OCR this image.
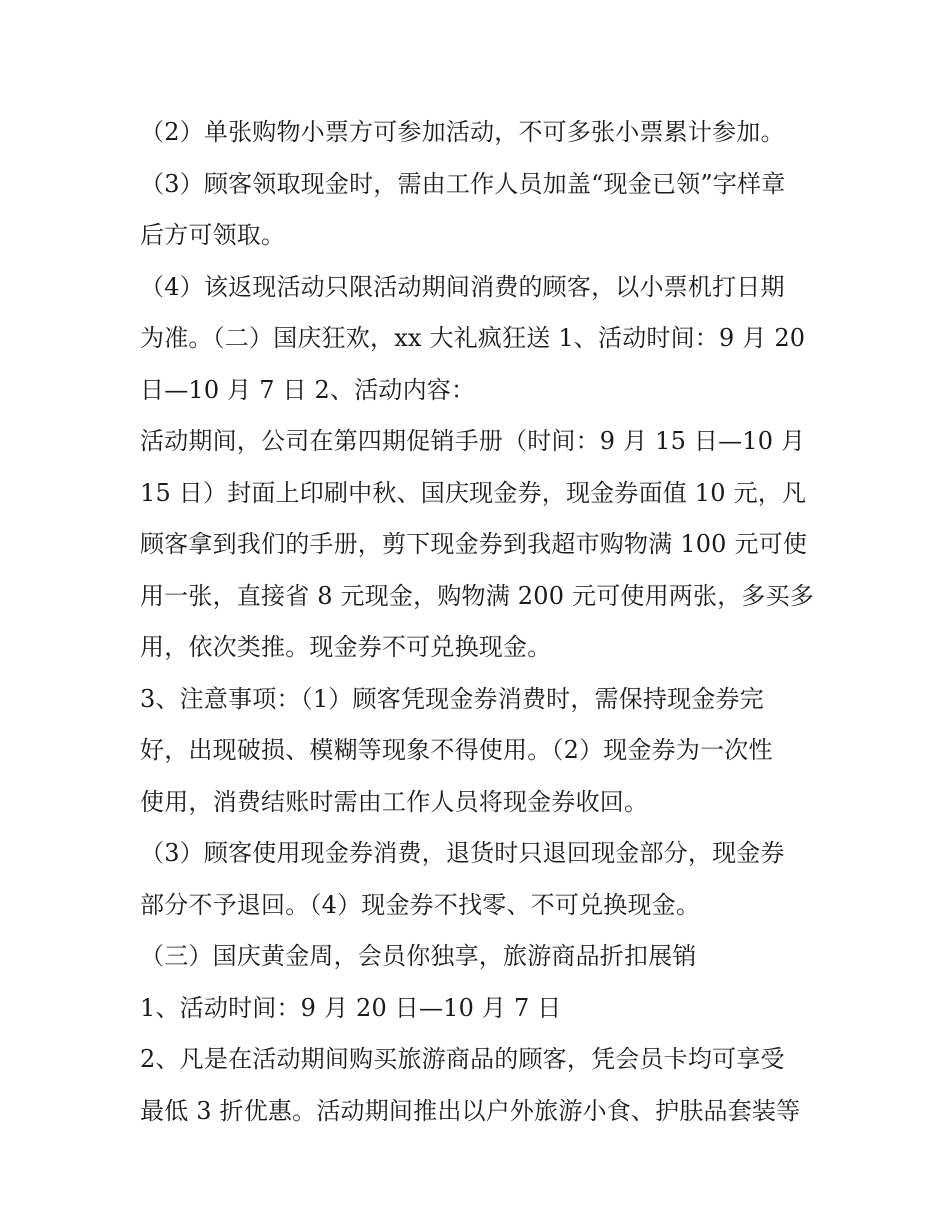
（2）单张购物小票方可参加活动，不可多张小票累计参加。
（3）顾客领取现金时，需由工作人员加盖“现金已领”字样章
后方可领取。
（4）该返现活动只限活动期间消费的顾客，以小票机打日期
为准。（二）国庆狂欢，xx 大礼疯狂送 1、活动时间：9 月 20
日—10 月 7 日 2、活动内容：
活动期间，公司在第四期促销手册（时间：9 月 15 日—10 月
15 日）封面上印刷中秋、国庆现金券，现金券面值 10 元，凡
顾客拿到我们的手册，剪下现金券到我超市购物满 100 元可使
用一张，直接省 8 元现金，购物满 200 元可使用两张，多买多
用，依次类推。现金券不可兑换现金。
3、注意事项：（1）顾客凭现金券消费时，需保持现金券完
好，出现破损、模糊等现象不得使用。（2）现金券为一次性
使用，消费结账时需由工作人员将现金券收回。
（3）顾客使用现金券消费，退货时只退回现金部分，现金券
部分不予退回。（4）现金券不找零、不可兑换现金。
（三）国庆黄金周，会员你独享，旅游商品折扣展销
1、活动时间：9 月 20 日—10 月 7 日
2、凡是在活动期间购买旅游商品的顾客，凭会员卡均可享受
最低 3 折优惠。活动期间推出以户外旅游小食、护肤品套装等
